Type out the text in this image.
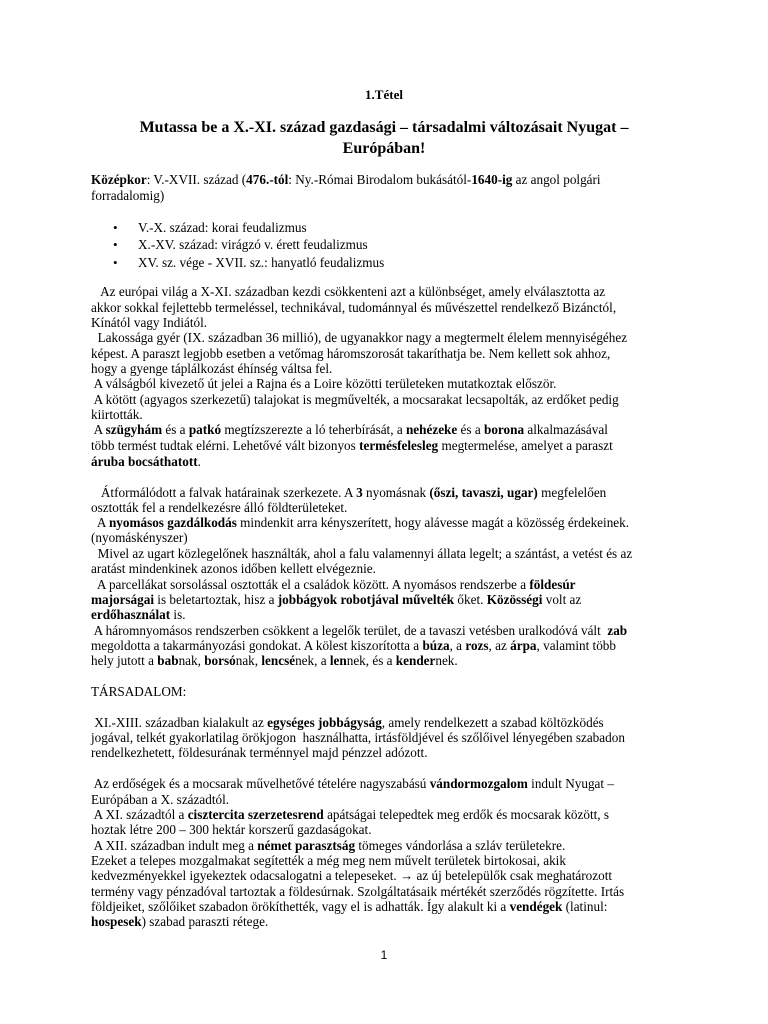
1.Tétel
Mutassa be a X.-XI. század gazdasági – társadalmi változásait Nyugat –
Európában!
Középkor: V.-XVII. század (476.-tól: Ny.-Római Birodalom bukásától-1640-ig az angol polgári
forradalomig)
• V.-X. század: korai feudalizmus
• X.-XV. század: virágzó v. érett feudalizmus
• XV. sz. vége - XVII. sz.: hanyatló feudalizmus
Az európai világ a X-XI. században kezdi csökkenteni azt a különbséget, amely elválasztotta az
akkor sokkal fejlettebb termeléssel, technikával, tudománnyal és művészettel rendelkező Bizánctól,
Kínától vagy Indiától.
Lakossága gyér (IX. században 36 millió), de ugyanakkor nagy a megtermelt élelem mennyiségéhez
képest. A paraszt legjobb esetben a vetőmag háromszorosát takaríthatja be. Nem kellett sok ahhoz,
hogy a gyenge táplálkozást éhínség váltsa fel.
A válságból kivezető út jelei a Rajna és a Loire közötti területeken mutatkoztak először.
A kötött (agyagos szerkezetű) talajokat is megművelték, a mocsarakat lecsapolták, az erdőket pedig
kiirtották.
A szügyhám és a patkó megtízszerezte a ló teherbírását, a nehézeke és a borona alkalmazásával
több termést tudtak elérni. Lehetővé vált bizonyos termésfelesleg megtermelése, amelyet a paraszt
áruba bocsáthatott.
Átformálódott a falvak határainak szerkezete. A 3 nyomásnak (őszi, tavaszi, ugar) megfelelően
osztották fel a rendelkezésre álló földterületeket.
A nyomásos gazdálkodás mindenkit arra kényszerített, hogy alávesse magát a közösség érdekeinek.
(nyomáskényszer)
Mivel az ugart közlegelőnek használták, ahol a falu valamennyi állata legelt; a szántást, a vetést és az
aratást mindenkinek azonos időben kellett elvégeznie.
A parcellákat sorsolással osztották el a családok között. A nyomásos rendszerbe a földesúr
majorságai is beletartoztak, hisz a jobbágyok robotjával művelték őket. Közösségi volt az
erdőhasználat is.
A háromnyomásos rendszerben csökkent a legelők terület, de a tavaszi vetésben uralkodóvá vált  zab
megoldotta a takarmányozási gondokat. A kölest kiszorította a búza, a rozs, az árpa, valamint több
hely jutott a babnak, borsónak, lencsének, a lennek, és a kendernek.
TÁRSADALOM:
XI.-XIII. században kialakult az egységes jobbágyság, amely rendelkezett a szabad költözködés
jogával, telkét gyakorlatilag örökjogon  használhatta, irtásföldjével és szőlőivel lényegében szabadon
rendelkezhetett, földesurának terménnyel majd pénzzel adózott.
Az erdőségek és a mocsarak művelhetővé tételére nagyszabású vándormozgalom indult Nyugat –
Európában a X. századtól.
A XI. századtól a cisztercita szerzetesrend apátságai telepedtek meg erdők és mocsarak között, s
hoztak létre 200 – 300 hektár korszerű gazdaságokat.
A XII. században indult meg a német parasztság tömeges vándorlása a szláv területekre.
Ezeket a telepes mozgalmakat segítették a még meg nem művelt területek birtokosai, akik
kedvezményekkel igyekeztek odacsalogatni a telepeseket. → az új betelepülők csak meghatározott
termény vagy pénzadóval tartoztak a földesúrnak. Szolgáltatásaik mértékét szerződés rögzítette. Irtás
földjeiket, szőlőiket szabadon örökíthették, vagy el is adhatták. Így alakult ki a vendégek (latinul:
hospesek) szabad paraszti rétege.
1
